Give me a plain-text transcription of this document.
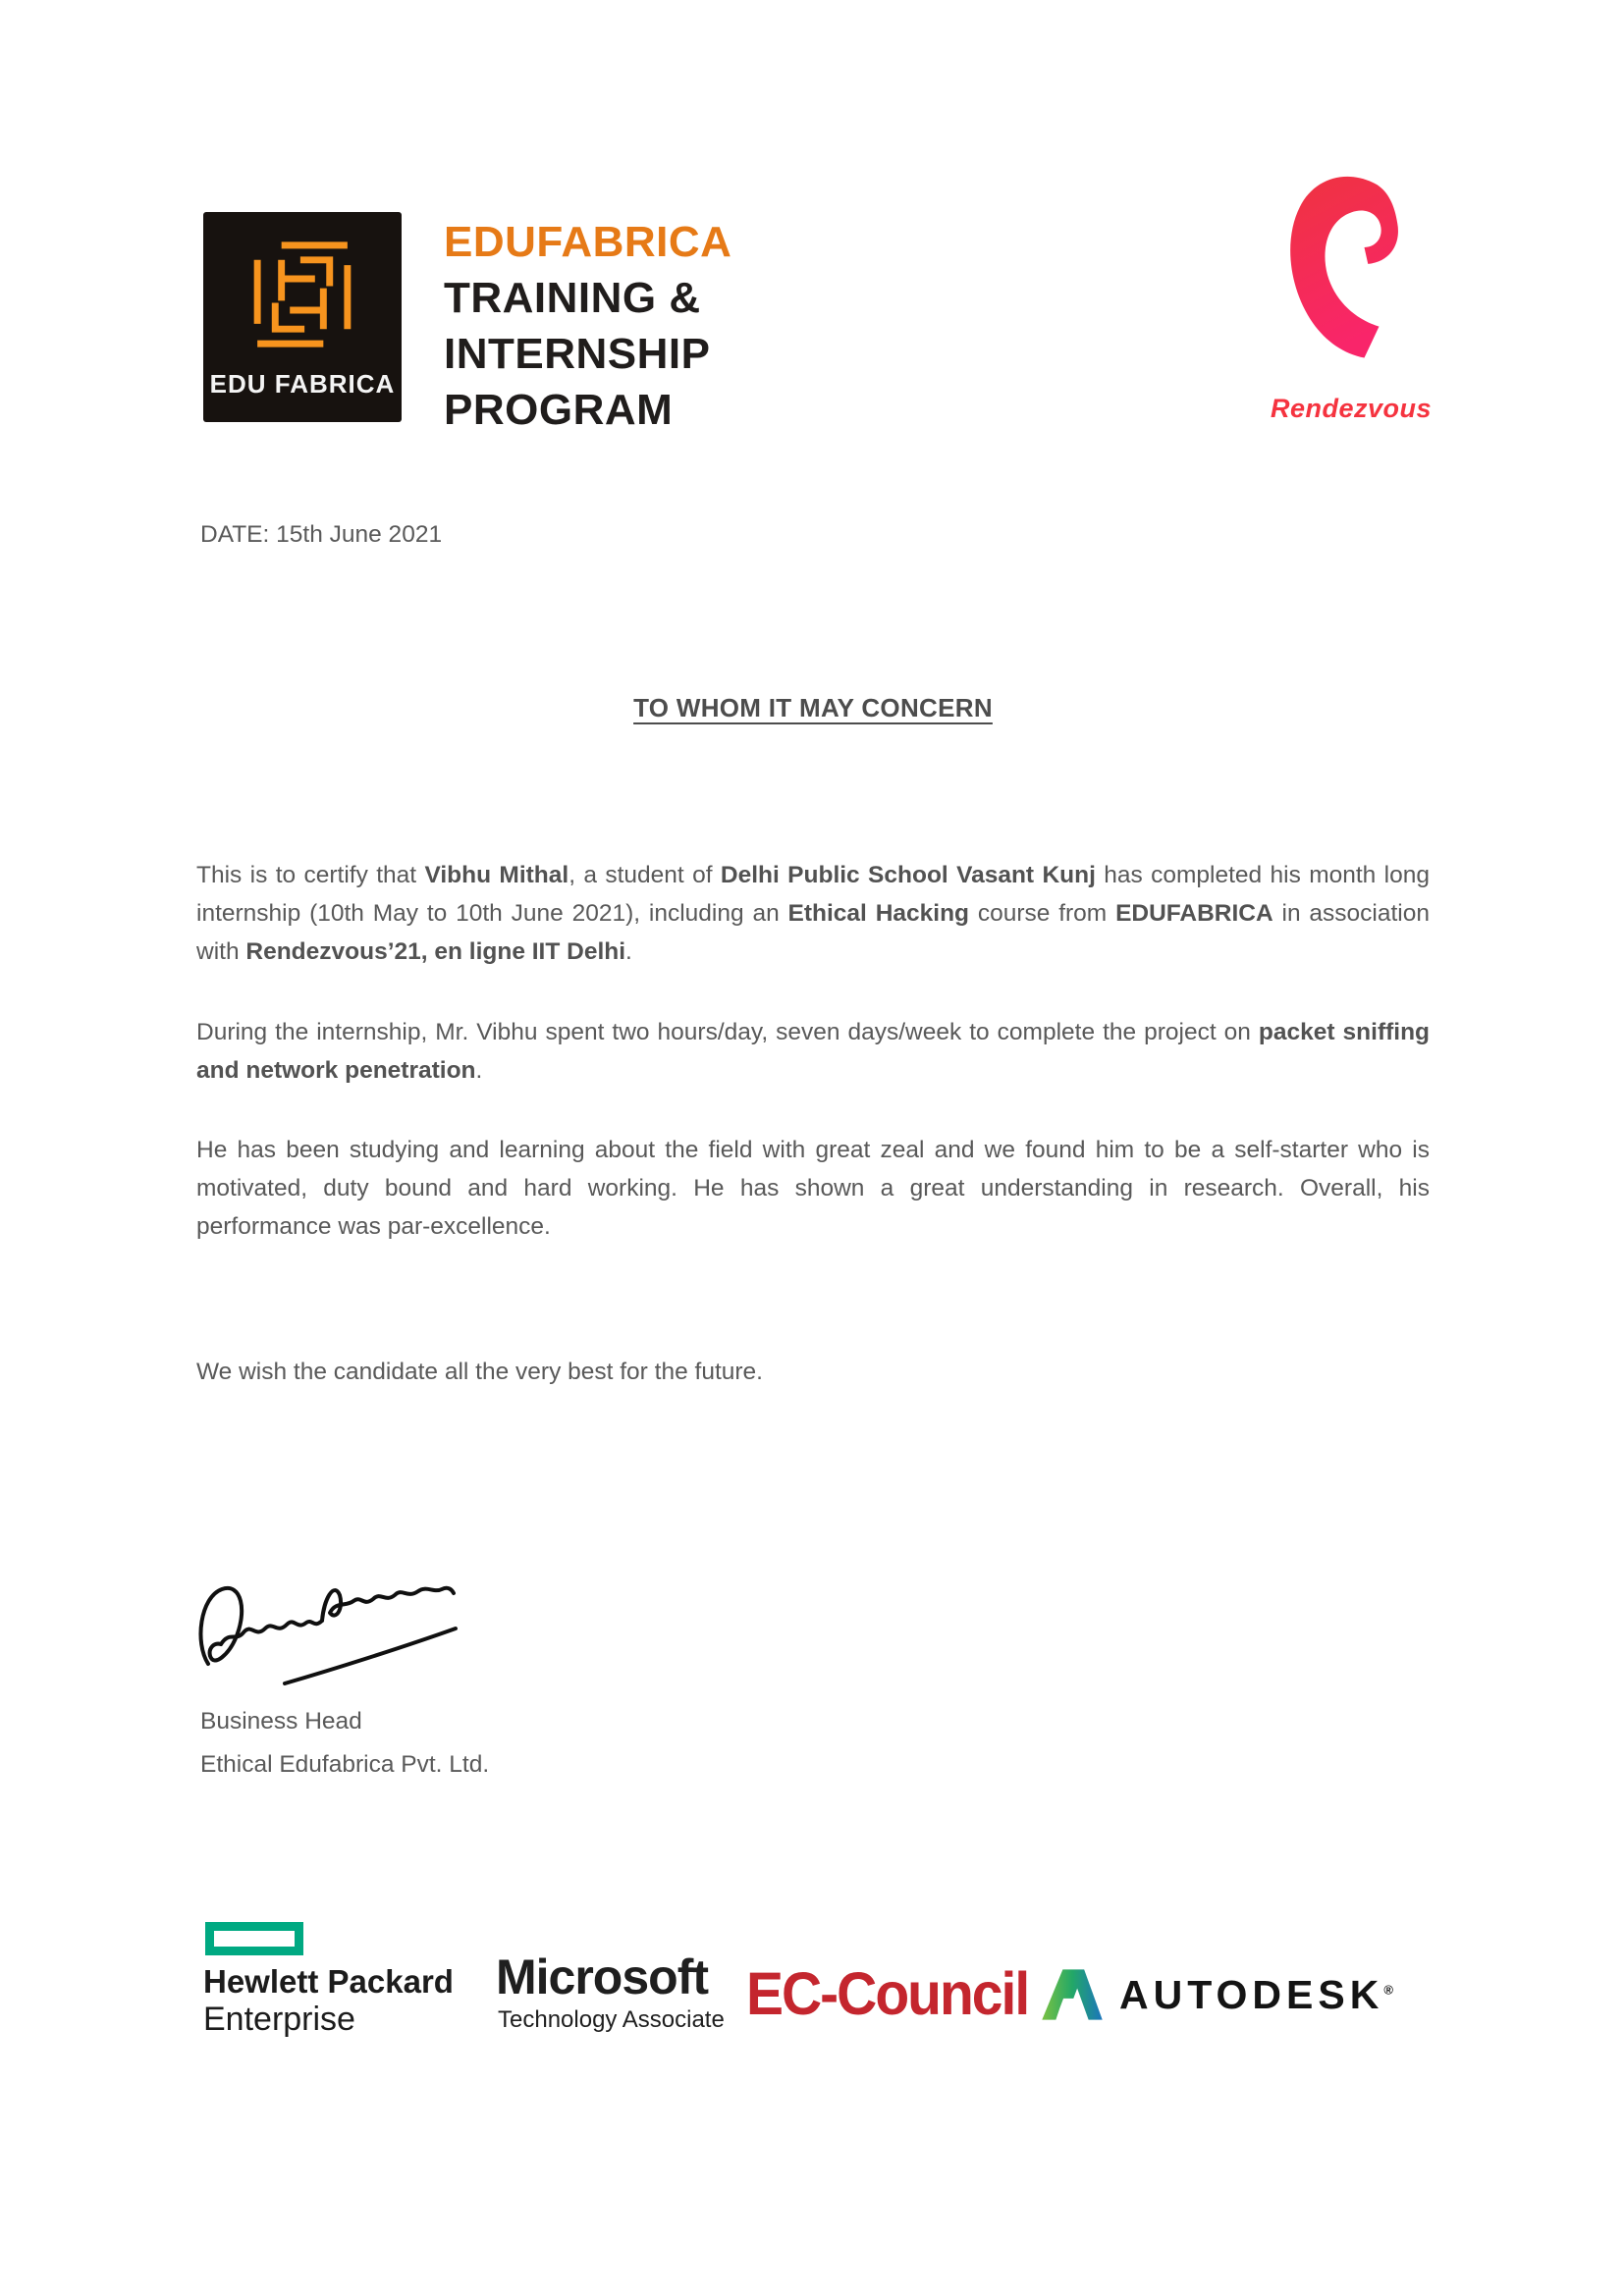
EDU FABRICA
EDUFABRICA
TRAINING &
INTERNSHIP
PROGRAM	Rendezvous
DATE: 15th June 2021
TO WHOM IT MAY CONCERN
This is to certify that Vibhu Mithal, a student of Delhi Public School Vasant Kunj has completed his month long internship (10th May to 10th June 2021), including an Ethical Hacking course from EDUFABRICA in association with Rendezvous’21, en ligne IIT Delhi.
During the internship, Mr. Vibhu spent two hours/day, seven days/week to complete the project on packet sniffing and network penetration.
He has been studying and learning about the field with great zeal and we found him to be a self-starter who is motivated, duty bound and hard working. He has shown a great understanding in research. Overall, his performance was par-excellence.
We wish the candidate all the very best for the future.
Business Head
Ethical Edufabrica Pvt. Ltd.
Hewlett Packard
Enterprise
Microsoft
Technology Associate EC-Council AUTODESK®
